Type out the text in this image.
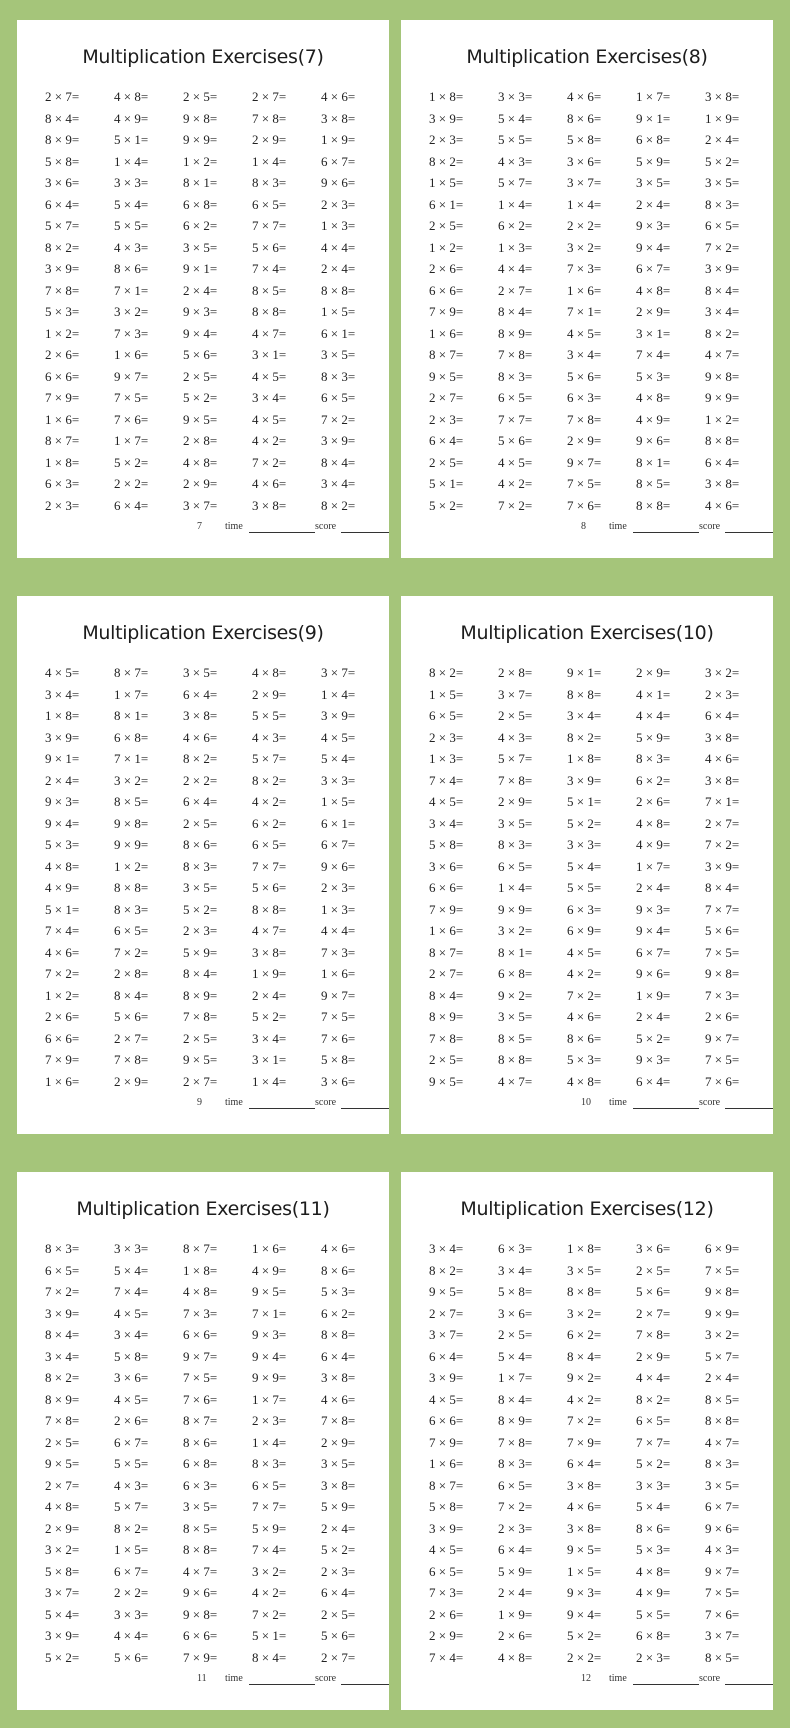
Multiplication Exercises(7)
2 × 7=	4 × 8=	2 × 5=	2 × 7=	4 × 6=
8 × 4=	4 × 9=	9 × 8=	7 × 8=	3 × 8=
8 × 9=	5 × 1=	9 × 9=	2 × 9=	1 × 9=
5 × 8=	1 × 4=	1 × 2=	1 × 4=	6 × 7=
3 × 6=	3 × 3=	8 × 1=	8 × 3=	9 × 6=
6 × 4=	5 × 4=	6 × 8=	6 × 5=	2 × 3=
5 × 7=	5 × 5=	6 × 2=	7 × 7=	1 × 3=
8 × 2=	4 × 3=	3 × 5=	5 × 6=	4 × 4=
3 × 9=	8 × 6=	9 × 1=	7 × 4=	2 × 4=
7 × 8=	7 × 1=	2 × 4=	8 × 5=	8 × 8=
5 × 3=	3 × 2=	9 × 3=	8 × 8=	1 × 5=
1 × 2=	7 × 3=	9 × 4=	4 × 7=	6 × 1=
2 × 6=	1 × 6=	5 × 6=	3 × 1=	3 × 5=
6 × 6=	9 × 7=	2 × 5=	4 × 5=	8 × 3=
7 × 9=	7 × 5=	5 × 2=	3 × 4=	6 × 5=
1 × 6=	7 × 6=	9 × 5=	4 × 5=	7 × 2=
8 × 7=	1 × 7=	2 × 8=	4 × 2=	3 × 9=
1 × 8=	5 × 2=	4 × 8=	7 × 2=	8 × 4=
6 × 3=	2 × 2=	2 × 9=	4 × 6=	3 × 4=
2 × 3=	6 × 4=	3 × 7=	3 × 8=	8 × 2=
7 time	score
Multiplication Exercises(8)
1 × 8=	3 × 3=	4 × 6=	1 × 7=	3 × 8=
3 × 9=	5 × 4=	8 × 6=	9 × 1=	1 × 9=
2 × 3=	5 × 5=	5 × 8=	6 × 8=	2 × 4=
8 × 2=	4 × 3=	3 × 6=	5 × 9=	5 × 2=
1 × 5=	5 × 7=	3 × 7=	3 × 5=	3 × 5=
6 × 1=	1 × 4=	1 × 4=	2 × 4=	8 × 3=
2 × 5=	6 × 2=	2 × 2=	9 × 3=	6 × 5=
1 × 2=	1 × 3=	3 × 2=	9 × 4=	7 × 2=
2 × 6=	4 × 4=	7 × 3=	6 × 7=	3 × 9=
6 × 6=	2 × 7=	1 × 6=	4 × 8=	8 × 4=
7 × 9=	8 × 4=	7 × 1=	2 × 9=	3 × 4=
1 × 6=	8 × 9=	4 × 5=	3 × 1=	8 × 2=
8 × 7=	7 × 8=	3 × 4=	7 × 4=	4 × 7=
9 × 5=	8 × 3=	5 × 6=	5 × 3=	9 × 8=
2 × 7=	6 × 5=	6 × 3=	4 × 8=	9 × 9=
2 × 3=	7 × 7=	7 × 8=	4 × 9=	1 × 2=
6 × 4=	5 × 6=	2 × 9=	9 × 6=	8 × 8=
2 × 5=	4 × 5=	9 × 7=	8 × 1=	6 × 4=
5 × 1=	4 × 2=	7 × 5=	8 × 5=	3 × 8=
5 × 2=	7 × 2=	7 × 6=	8 × 8=	4 × 6=
8 time	score
Multiplication Exercises(9)
4 × 5=	8 × 7=	3 × 5=	4 × 8=	3 × 7=
3 × 4=	1 × 7=	6 × 4=	2 × 9=	1 × 4=
1 × 8=	8 × 1=	3 × 8=	5 × 5=	3 × 9=
3 × 9=	6 × 8=	4 × 6=	4 × 3=	4 × 5=
9 × 1=	7 × 1=	8 × 2=	5 × 7=	5 × 4=
2 × 4=	3 × 2=	2 × 2=	8 × 2=	3 × 3=
9 × 3=	8 × 5=	6 × 4=	4 × 2=	1 × 5=
9 × 4=	9 × 8=	2 × 5=	6 × 2=	6 × 1=
5 × 3=	9 × 9=	8 × 6=	6 × 5=	6 × 7=
4 × 8=	1 × 2=	8 × 3=	7 × 7=	9 × 6=
4 × 9=	8 × 8=	3 × 5=	5 × 6=	2 × 3=
5 × 1=	8 × 3=	5 × 2=	8 × 8=	1 × 3=
7 × 4=	6 × 5=	2 × 3=	4 × 7=	4 × 4=
4 × 6=	7 × 2=	5 × 9=	3 × 8=	7 × 3=
7 × 2=	2 × 8=	8 × 4=	1 × 9=	1 × 6=
1 × 2=	8 × 4=	8 × 9=	2 × 4=	9 × 7=
2 × 6=	5 × 6=	7 × 8=	5 × 2=	7 × 5=
6 × 6=	2 × 7=	2 × 5=	3 × 4=	7 × 6=
7 × 9=	7 × 8=	9 × 5=	3 × 1=	5 × 8=
1 × 6=	2 × 9=	2 × 7=	1 × 4=	3 × 6=
9 time	score
Multiplication Exercises(10)
8 × 2=	2 × 8=	9 × 1=	2 × 9=	3 × 2=
1 × 5=	3 × 7=	8 × 8=	4 × 1=	2 × 3=
6 × 5=	2 × 5=	3 × 4=	4 × 4=	6 × 4=
2 × 3=	4 × 3=	8 × 2=	5 × 9=	3 × 8=
1 × 3=	5 × 7=	1 × 8=	8 × 3=	4 × 6=
7 × 4=	7 × 8=	3 × 9=	6 × 2=	3 × 8=
4 × 5=	2 × 9=	5 × 1=	2 × 6=	7 × 1=
3 × 4=	3 × 5=	5 × 2=	4 × 8=	2 × 7=
5 × 8=	8 × 3=	3 × 3=	4 × 9=	7 × 2=
3 × 6=	6 × 5=	5 × 4=	1 × 7=	3 × 9=
6 × 6=	1 × 4=	5 × 5=	2 × 4=	8 × 4=
7 × 9=	9 × 9=	6 × 3=	9 × 3=	7 × 7=
1 × 6=	3 × 2=	6 × 9=	9 × 4=	5 × 6=
8 × 7=	8 × 1=	4 × 5=	6 × 7=	7 × 5=
2 × 7=	6 × 8=	4 × 2=	9 × 6=	9 × 8=
8 × 4=	9 × 2=	7 × 2=	1 × 9=	7 × 3=
8 × 9=	3 × 5=	4 × 6=	2 × 4=	2 × 6=
7 × 8=	8 × 5=	8 × 6=	5 × 2=	9 × 7=
2 × 5=	8 × 8=	5 × 3=	9 × 3=	7 × 5=
9 × 5=	4 × 7=	4 × 8=	6 × 4=	7 × 6=
10 time	score
Multiplication Exercises(11)
8 × 3=	3 × 3=	8 × 7=	1 × 6=	4 × 6=
6 × 5=	5 × 4=	1 × 8=	4 × 9=	8 × 6=
7 × 2=	7 × 4=	4 × 8=	9 × 5=	5 × 3=
3 × 9=	4 × 5=	7 × 3=	7 × 1=	6 × 2=
8 × 4=	3 × 4=	6 × 6=	9 × 3=	8 × 8=
3 × 4=	5 × 8=	9 × 7=	9 × 4=	6 × 4=
8 × 2=	3 × 6=	7 × 5=	9 × 9=	3 × 8=
8 × 9=	4 × 5=	7 × 6=	1 × 7=	4 × 6=
7 × 8=	2 × 6=	8 × 7=	2 × 3=	7 × 8=
2 × 5=	6 × 7=	8 × 6=	1 × 4=	2 × 9=
9 × 5=	5 × 5=	6 × 8=	8 × 3=	3 × 5=
2 × 7=	4 × 3=	6 × 3=	6 × 5=	3 × 8=
4 × 8=	5 × 7=	3 × 5=	7 × 7=	5 × 9=
2 × 9=	8 × 2=	8 × 5=	5 × 9=	2 × 4=
3 × 2=	1 × 5=	8 × 8=	7 × 4=	5 × 2=
5 × 8=	6 × 7=	4 × 7=	3 × 2=	2 × 3=
3 × 7=	2 × 2=	9 × 6=	4 × 2=	6 × 4=
5 × 4=	3 × 3=	9 × 8=	7 × 2=	2 × 5=
3 × 9=	4 × 4=	6 × 6=	5 × 1=	5 × 6=
5 × 2=	5 × 6=	7 × 9=	8 × 4=	2 × 7=
11 time	score
Multiplication Exercises(12)
3 × 4=	6 × 3=	1 × 8=	3 × 6=	6 × 9=
8 × 2=	3 × 4=	3 × 5=	2 × 5=	7 × 5=
9 × 5=	5 × 8=	8 × 8=	5 × 6=	9 × 8=
2 × 7=	3 × 6=	3 × 2=	2 × 7=	9 × 9=
3 × 7=	2 × 5=	6 × 2=	7 × 8=	3 × 2=
6 × 4=	5 × 4=	8 × 4=	2 × 9=	5 × 7=
3 × 9=	1 × 7=	9 × 2=	4 × 4=	2 × 4=
4 × 5=	8 × 4=	4 × 2=	8 × 2=	8 × 5=
6 × 6=	8 × 9=	7 × 2=	6 × 5=	8 × 8=
7 × 9=	7 × 8=	7 × 9=	7 × 7=	4 × 7=
1 × 6=	8 × 3=	6 × 4=	5 × 2=	8 × 3=
8 × 7=	6 × 5=	3 × 8=	3 × 3=	3 × 5=
5 × 8=	7 × 2=	4 × 6=	5 × 4=	6 × 7=
3 × 9=	2 × 3=	3 × 8=	8 × 6=	9 × 6=
4 × 5=	6 × 4=	9 × 5=	5 × 3=	4 × 3=
6 × 5=	5 × 9=	1 × 5=	4 × 8=	9 × 7=
7 × 3=	2 × 4=	9 × 3=	4 × 9=	7 × 5=
2 × 6=	1 × 9=	9 × 4=	5 × 5=	7 × 6=
2 × 9=	2 × 6=	5 × 2=	6 × 8=	3 × 7=
7 × 4=	4 × 8=	2 × 2=	2 × 3=	8 × 5=
12 time	score
